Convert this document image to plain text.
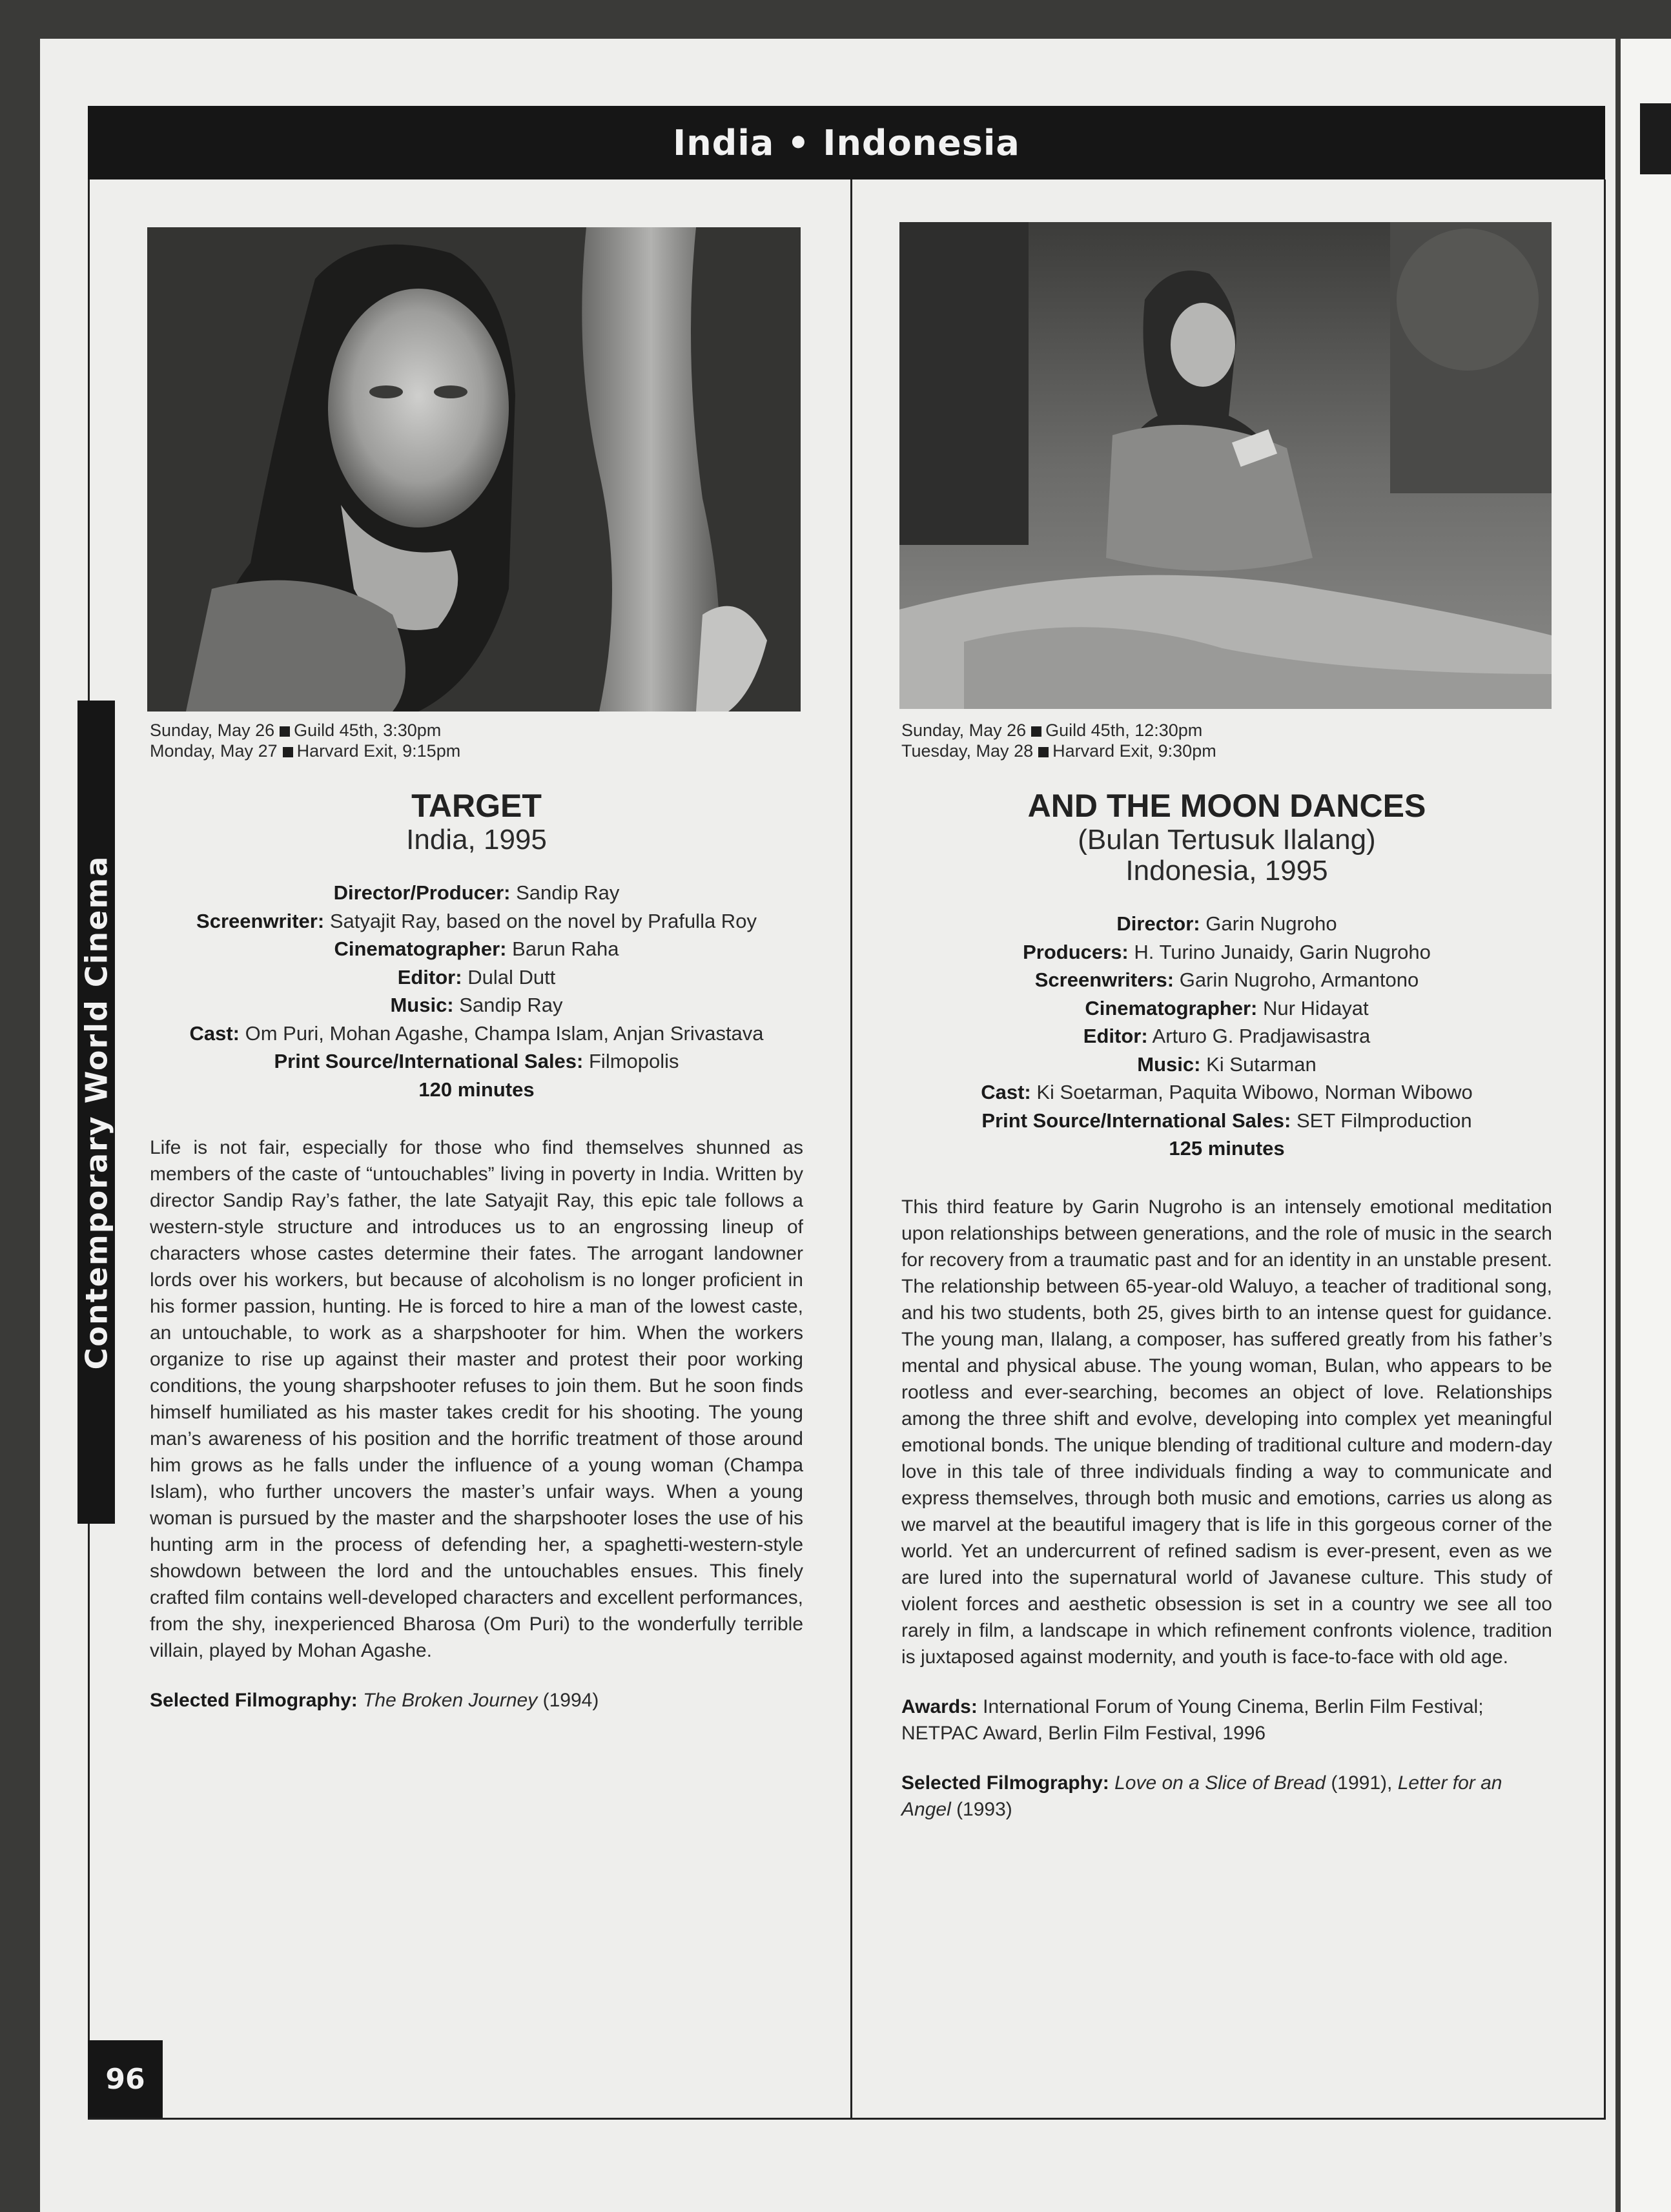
India • Indonesia
Contemporary World Cinema
96
Sunday, May 26 Guild 45th, 3:30pm
Monday, May 27 Harvard Exit, 9:15pm
TARGET
India, 1995
Director/Producer: Sandip Ray
Screenwriter: Satyajit Ray, based on the novel by Prafulla Roy
Cinematographer: Barun Raha
Editor: Dulal Dutt
Music: Sandip Ray
Cast: Om Puri, Mohan Agashe, Champa Islam, Anjan Srivastava
Print Source/International Sales: Filmopolis
120 minutes
Life is not fair, especially for those who find themselves shunned as members of the caste of “untouchables” living in poverty in India. Written by director Sandip Ray’s father, the late Satyajit Ray, this epic tale follows a western-style structure and introduces us to an engrossing lineup of characters whose castes determine their fates. The arrogant landowner lords over his workers, but because of alcoholism is no longer proficient in his former passion, hunting. He is forced to hire a man of the lowest caste, an untouchable, to work as a sharpshooter for him. When the workers organize to rise up against their master and protest their poor working conditions, the young sharpshooter refuses to join them. But he soon finds himself humiliated as his master takes credit for his shooting. The young man’s awareness of his position and the horrific treatment of those around him grows as he falls under the influence of a young woman (Champa Islam), who further uncovers the master’s unfair ways. When a young woman is pursued by the master and the sharpshooter loses the use of his hunting arm in the process of defending her, a spaghetti-western-style showdown between the lord and the untouchables ensues. This finely crafted film contains well-developed characters and excellent performances, from the shy, inexperienced Bharosa (Om Puri) to the wonderfully terrible villain, played by Mohan Agashe.
Selected Filmography: The Broken Journey (1994)
Sunday, May 26 Guild 45th, 12:30pm
Tuesday, May 28 Harvard Exit, 9:30pm
AND THE MOON DANCES
(Bulan Tertusuk Ilalang)
Indonesia, 1995
Director: Garin Nugroho
Producers: H. Turino Junaidy, Garin Nugroho
Screenwriters: Garin Nugroho, Armantono
Cinematographer: Nur Hidayat
Editor: Arturo G. Pradjawisastra
Music: Ki Sutarman
Cast: Ki Soetarman, Paquita Wibowo, Norman Wibowo
Print Source/International Sales: SET Filmproduction
125 minutes
This third feature by Garin Nugroho is an intensely emotional meditation upon relationships between generations, and the role of music in the search for recovery from a traumatic past and for an identity in an unstable present. The relationship between 65-year-old Waluyo, a teacher of traditional song, and his two students, both 25, gives birth to an intense quest for guidance. The young man, Ilalang, a composer, has suffered greatly from his father’s mental and physical abuse. The young woman, Bulan, who appears to be rootless and ever-searching, becomes an object of love. Relationships among the three shift and evolve, developing into complex yet meaningful emotional bonds. The unique blending of traditional culture and modern-day love in this tale of three individuals finding a way to communicate and express themselves, through both music and emotions, carries us along as we marvel at the beautiful imagery that is life in this gorgeous corner of the world. Yet an undercurrent of refined sadism is ever-present, even as we are lured into the supernatural world of Javanese culture. This study of violent forces and aesthetic obsession is set in a country we see all too rarely in film, a landscape in which refinement confronts violence, tradition is juxtaposed against modernity, and youth is face-to-face with old age.
Awards: International Forum of Young Cinema, Berlin Film Festival; NETPAC Award, Berlin Film Festival, 1996
Selected Filmography: Love on a Slice of Bread (1991), Letter for an Angel (1993)
